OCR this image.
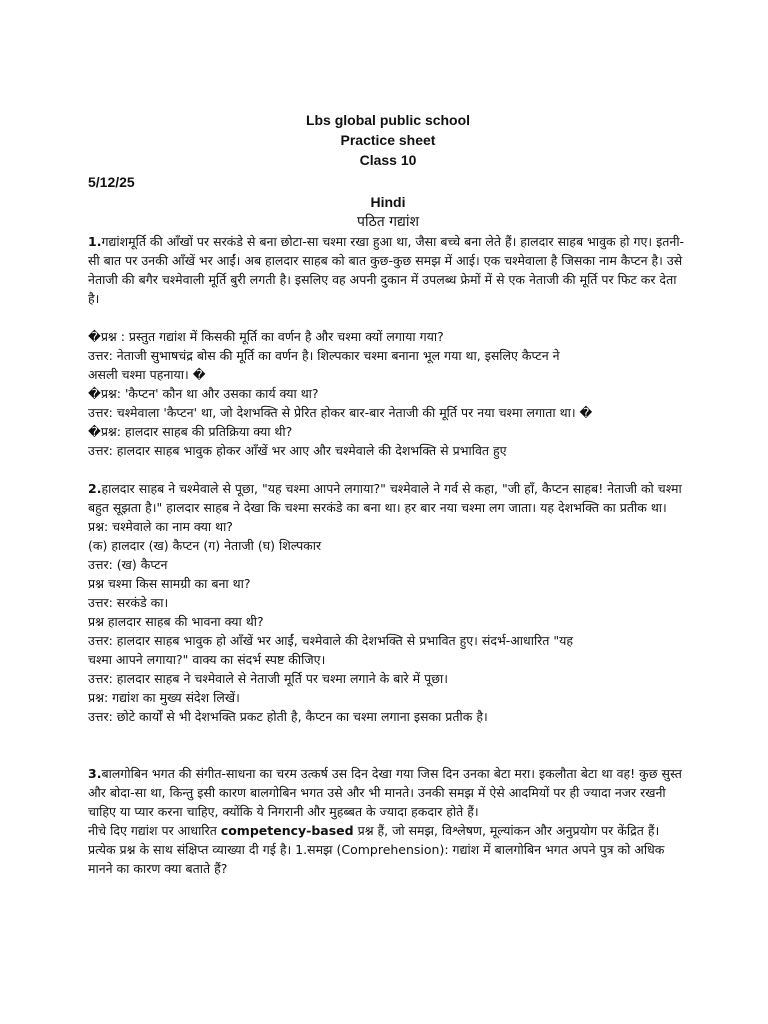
Lbs global public school
Practice sheet
Class 10
5/12/25
Hindi
पठित गद्यांश

1.गद्यांशमूर्ति की आँखों पर सरकंडे से बना छोटा-सा चश्मा रखा हुआ था, जैसा बच्चे बना लेते हैं। हालदार साहब भावुक हो गए। इतनी-सी बात पर उनकी आँखें भर आईं। अब हालदार साहब को बात कुछ-कुछ समझ में आई। एक चश्मेवाला है जिसका नाम कैप्टन है। उसे नेताजी की बगैर चश्मेवाली मूर्ति बुरी लगती है। इसलिए वह अपनी दुकान में उपलब्ध फ्रेमों में से एक नेताजी की मूर्ति पर फिट कर देता है।

�प्रश्न : प्रस्तुत गद्यांश में किसकी मूर्ति का वर्णन है और चश्मा क्यों लगाया गया?
उत्तर: नेताजी सुभाषचंद्र बोस की मूर्ति का वर्णन है। शिल्पकार चश्मा बनाना भूल गया था, इसलिए कैप्टन ने
असली चश्मा पहनाया। �
�प्रश्न: 'कैप्टन' कौन था और उसका कार्य क्या था?
उत्तर: चश्मेवाला 'कैप्टन' था, जो देशभक्ति से प्रेरित होकर बार-बार नेताजी की मूर्ति पर नया चश्मा लगाता था। �
�प्रश्न: हालदार साहब की प्रतिक्रिया क्या थी?
उत्तर: हालदार साहब भावुक होकर आँखें भर आए और चश्मेवाले की देशभक्ति से प्रभावित हुए

2.हालदार साहब ने चश्मेवाले से पूछा, "यह चश्मा आपने लगाया?" चश्मेवाले ने गर्व से कहा, "जी हाँ, कैप्टन साहब! नेताजी को चश्मा बहुत सूझता है।" हालदार साहब ने देखा कि चश्मा सरकंडे का बना था। हर बार नया चश्मा लग जाता। यह देशभक्ति का प्रतीक था।

प्रश्न: चश्मेवाले का नाम क्या था?
(क) हालदार (ख) कैप्टन (ग) नेताजी (घ) शिल्पकार
उत्तर: (ख) कैप्टन
प्रश्न चश्मा किस सामग्री का बना था?
उत्तर: सरकंडे का।
प्रश्न हालदार साहब की भावना क्या थी?
उत्तर: हालदार साहब भावुक हो आँखें भर आईं, चश्मेवाले की देशभक्ति से प्रभावित हुए। संदर्भ-आधारित "यह
चश्मा आपने लगाया?" वाक्य का संदर्भ स्पष्ट कीजिए।
उत्तर: हालदार साहब ने चश्मेवाले से नेताजी मूर्ति पर चश्मा लगाने के बारे में पूछा।
प्रश्न: गद्यांश का मुख्य संदेश लिखें।
उत्तर: छोटे कार्यों से भी देशभक्ति प्रकट होती है, कैप्टन का चश्मा लगाना इसका प्रतीक है।

3.बालगोबिन भगत की संगीत-साधना का चरम उत्कर्ष उस दिन देखा गया जिस दिन उनका बेटा मरा। इकलौता बेटा था वह! कुछ सुस्त और बोदा-सा था, किन्तु इसी कारण बालगोबिन भगत उसे और भी मानते। उनकी समझ में ऐसे आदमियों पर ही ज्यादा नजर रखनी चाहिए या प्यार करना चाहिए, क्योंकि ये निगरानी और मुहब्बत के ज्यादा हकदार होते हैं।

नीचे दिए गद्यांश पर आधारित competency-based प्रश्न हैं, जो समझ, विश्लेषण, मूल्यांकन और अनुप्रयोग पर केंद्रित हैं। प्रत्येक प्रश्न के साथ संक्षिप्त व्याख्या दी गई है। 1.समझ (Comprehension): गद्यांश में बालगोबिन भगत अपने पुत्र को अधिक मानने का कारण क्या बताते हैं?
